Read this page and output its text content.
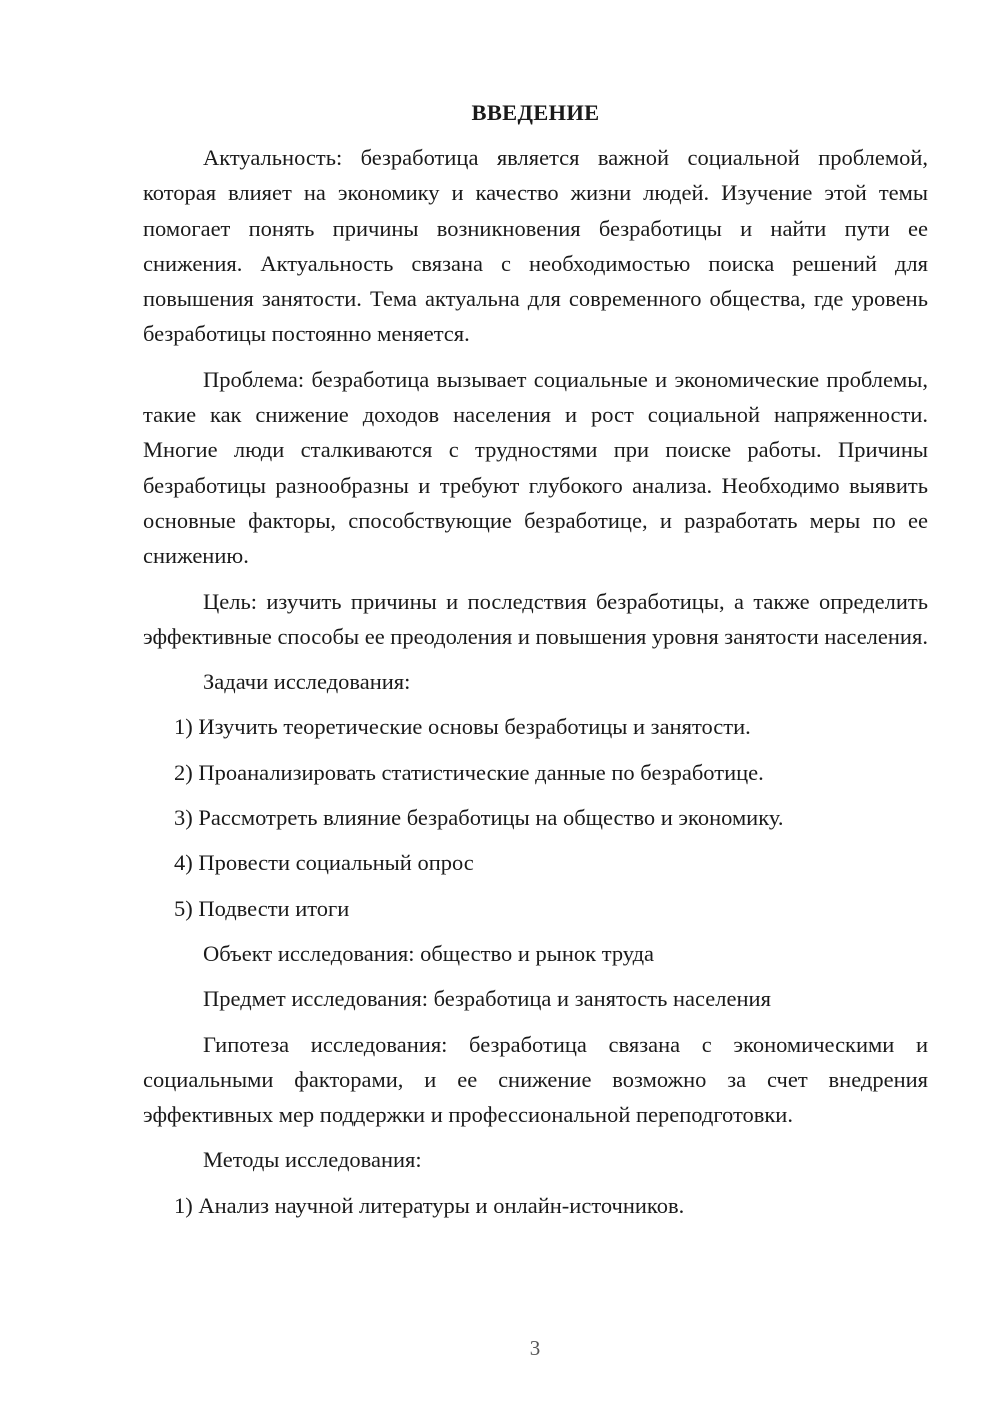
ВВЕДЕНИЕ

Актуальность: безработица является важной социальной проблемой, которая влияет на экономику и качество жизни людей. Изучение этой темы помогает понять причины возникновения безработицы и найти пути ее снижения. Актуальность связана с необходимостью поиска решений для повышения занятости. Тема актуальна для современного общества, где уровень безработицы постоянно меняется.

Проблема: безработица вызывает социальные и экономические проблемы, такие как снижение доходов населения и рост социальной напряженности. Многие люди сталкиваются с трудностями при поиске работы. Причины безработицы разнообразны и требуют глубокого анализа. Необходимо выявить основные факторы, способствующие безработице, и разработать меры по ее снижению.

Цель: изучить причины и последствия безработицы, а также определить эффективные способы ее преодоления и повышения уровня занятости населения.

Задачи исследования:

1) Изучить теоретические основы безработицы и занятости.

2) Проанализировать статистические данные по безработице.

3) Рассмотреть влияние безработицы на общество и экономику.

4) Провести социальный опрос

5) Подвести итоги

Объект исследования: общество и рынок труда

Предмет исследования: безработица и занятость населения

Гипотеза исследования: безработица связана с экономическими и социальными факторами, и ее снижение возможно за счет внедрения эффективных мер поддержки и профессиональной переподготовки.

Методы исследования:

1) Анализ научной литературы и онлайн-источников.

3
